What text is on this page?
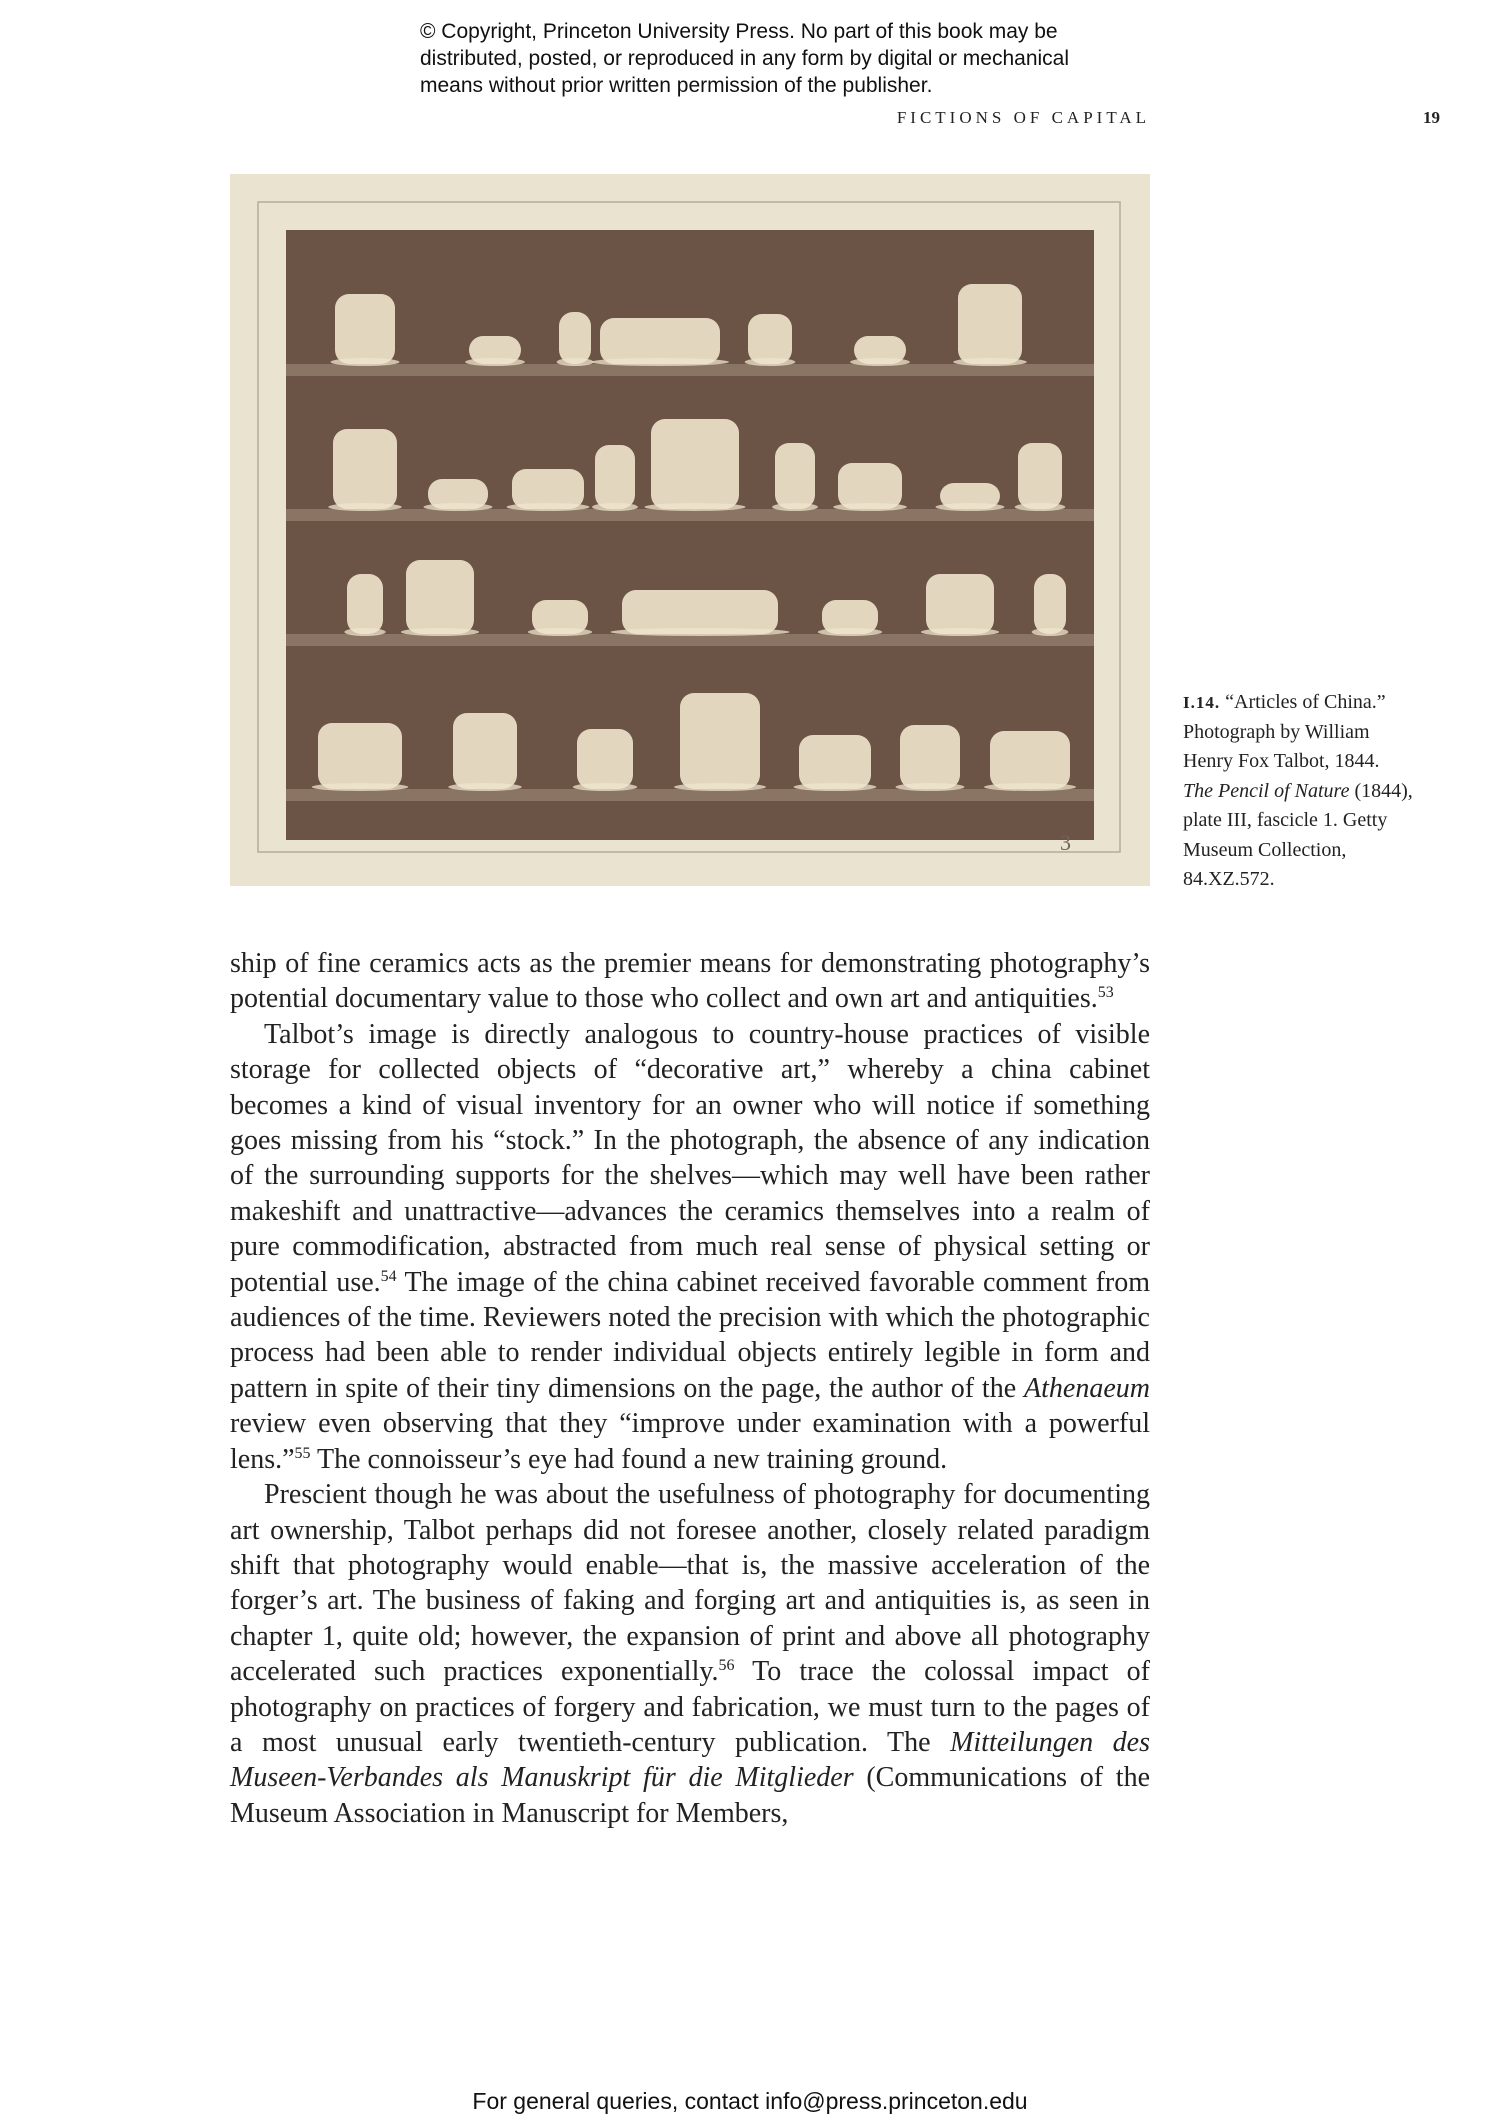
© Copyright, Princeton University Press. No part of this book may be
distributed, posted, or reproduced in any form by digital or mechanical
means without prior written permission of the publisher.
FICTIONS OF CAPITAL	19
3
I.14. “Articles of China.”
Photograph by William
Henry Fox Talbot, 1844.
The Pencil of Nature (1844),
plate III, fascicle 1. Getty
Museum Collection,
84.XZ.572.

ship of fine ceramics acts as the premier means for demonstrating photography’s potential documentary value to those who collect and own art and antiquities.$^{53}$

Talbot’s image is directly analogous to country-house practices of visible storage for collected objects of “decorative art,” whereby a china cabinet becomes a kind of visual inventory for an owner who will notice if something goes missing from his “stock.” In the photograph, the absence of any indication of the surrounding supports for the shelves—which may well have been rather makeshift and unattractive—advances the ceramics themselves into a realm of pure commodification, abstracted from much real sense of physical setting or potential use.$^{54}$ The image of the china cabinet received favorable comment from audiences of the time. Reviewers noted the precision with which the photographic process had been able to render individual objects entirely legible in form and pattern in spite of their tiny dimensions on the page, the author of the Athenaeum review even observing that they “improve under examination with a powerful lens.”$^{55}$ The connoisseur’s eye had found a new training ground.

Prescient though he was about the usefulness of photography for documenting art ownership, Talbot perhaps did not foresee another, closely related paradigm shift that photography would enable—that is, the massive acceleration of the forger’s art. The business of faking and forging art and antiquities is, as seen in chapter 1, quite old; however, the expansion of print and above all photography accelerated such practices exponentially.$^{56}$ To trace the colossal impact of photography on practices of forgery and fabrication, we must turn to the pages of a most unusual early twentieth-century publication. The Mitteilungen des Museen-Verbandes als Manuskript für die Mitglieder (Communications of the Museum Association in Manuscript for Members,

For general queries, contact info@press.princeton.edu
